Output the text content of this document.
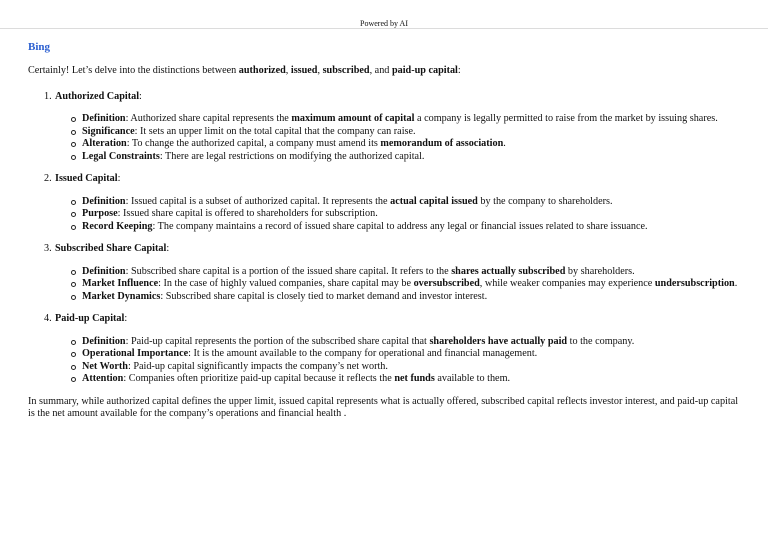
Powered by AI
Bing

Certainly! Let’s delve into the distinctions between authorized, issued, subscribed, and paid-up capital:

1. Authorized Capital:
Definition: Authorized share capital represents the maximum amount of capital a company is legally permitted to raise from the market by issuing shares.
Significance: It sets an upper limit on the total capital that the company can raise.
Alteration: To change the authorized capital, a company must amend its memorandum of association.
Legal Constraints: There are legal restrictions on modifying the authorized capital.
2. Issued Capital:
Definition: Issued capital is a subset of authorized capital. It represents the actual capital issued by the company to shareholders.
Purpose: Issued share capital is offered to shareholders for subscription.
Record Keeping: The company maintains a record of issued share capital to address any legal or financial issues related to share issuance.
3. Subscribed Share Capital:
Definition: Subscribed share capital is a portion of the issued share capital. It refers to the shares actually subscribed by shareholders.
Market Influence: In the case of highly valued companies, share capital may be oversubscribed, while weaker companies may experience undersubscription.
Market Dynamics: Subscribed share capital is closely tied to market demand and investor interest.
4. Paid-up Capital:
Definition: Paid-up capital represents the portion of the subscribed share capital that shareholders have actually paid to the company.
Operational Importance: It is the amount available to the company for operational and financial management.
Net Worth: Paid-up capital significantly impacts the company’s net worth.
Attention: Companies often prioritize paid-up capital because it reflects the net funds available to them.

In summary, while authorized capital defines the upper limit, issued capital represents what is actually offered, subscribed capital reflects investor interest, and paid-up capital is the net amount available for the company’s operations and financial health .
